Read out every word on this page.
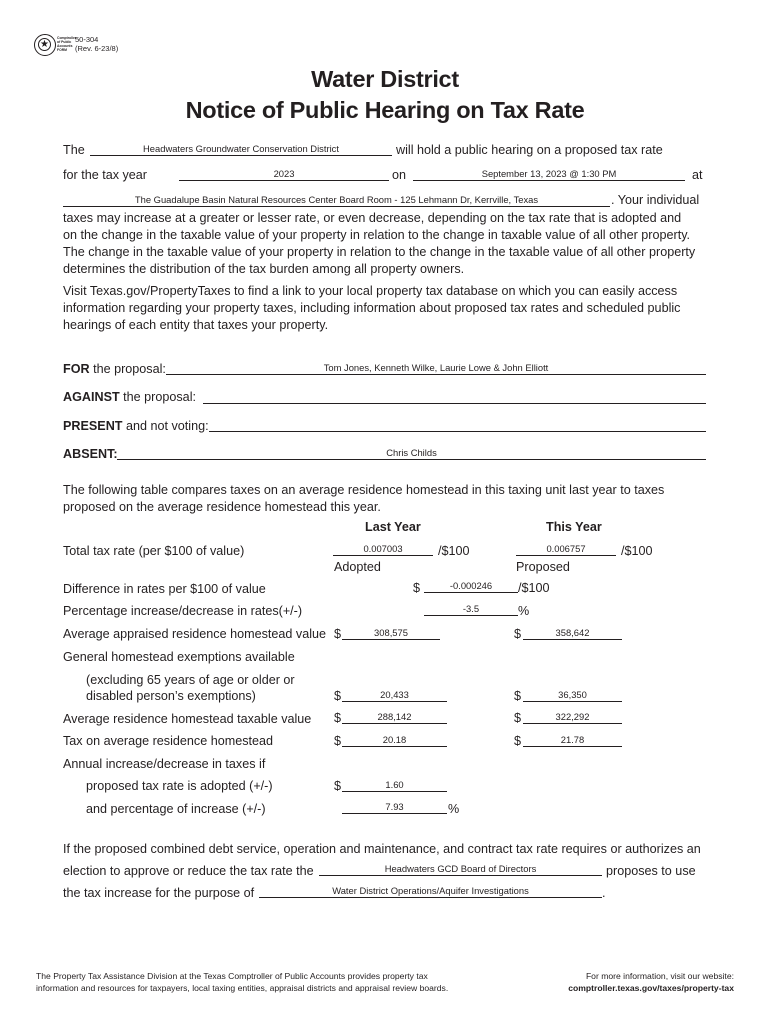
★
Comptroller
of Public
Accounts
FORM
50-304
(Rev. 6-23/8)
Water District
Notice of Public Hearing on Tax Rate
The	Headwaters Groundwater Conservation District	will hold a public hearing on a proposed tax rate
for the tax year	2023	on	September 13, 2023 @ 1:30 PM	at
The Guadalupe Basin Natural Resources Center Board Room - 125 Lehmann Dr, Kerrville, Texas	. Your individual
taxes may increase at a greater or lesser rate, or even decrease, depending on the tax rate that is adopted and
on the change in the taxable value of your property in relation to the change in taxable value of all other property.
The change in the taxable value of your property in relation to the change in the taxable value of all other property
determines the distribution of the tax burden among all property owners.
Visit Texas.gov/PropertyTaxes to find a link to your local property tax database on which you can easily access
information regarding your property taxes, including information about proposed tax rates and scheduled public
hearings of each entity that taxes your property.
FOR the proposal:	Tom Jones, Kenneth Wilke, Laurie Lowe & John Elliott
AGAINST the proposal:
PRESENT and not voting:
ABSENT:	Chris Childs
The following table compares taxes on an average residence homestead in this taxing unit last year to taxes
proposed on the average residence homestead this year.
Last Year	This Year
Total tax rate (per $100 of value)	0.007003	/$100	0.006757	/$100
Adopted	Proposed
Difference in rates per $100 of value	$	-0.000246	/$100
Percentage increase/decrease in rates(+/-)	-3.5	%
Average appraised residence homestead value $	308,575	$	358,642
General homestead exemptions available
(excluding 65 years of age or older or
disabled person’s exemptions)	$	20,433	$	36,350
Average residence homestead taxable value $	288,142	$	322,292
Tax on average residence homestead	$	20.18	$	21.78
Annual increase/decrease in taxes if
proposed tax rate is adopted (+/-)	$	1.60
and percentage of increase (+/-)	7.93	%
If the proposed combined debt service, operation and maintenance, and contract tax rate requires or authorizes an
election to approve or reduce the tax rate the	Headwaters GCD Board of Directors	proposes to use
the tax increase for the purpose of	Water District Operations/Aquifer Investigations	.
The Property Tax Assistance Division at the Texas Comptroller of Public Accounts provides property tax
information and resources for taxpayers, local taxing entities, appraisal districts and appraisal review boards.
For more information, visit our website:
comptroller.texas.gov/taxes/property-tax
